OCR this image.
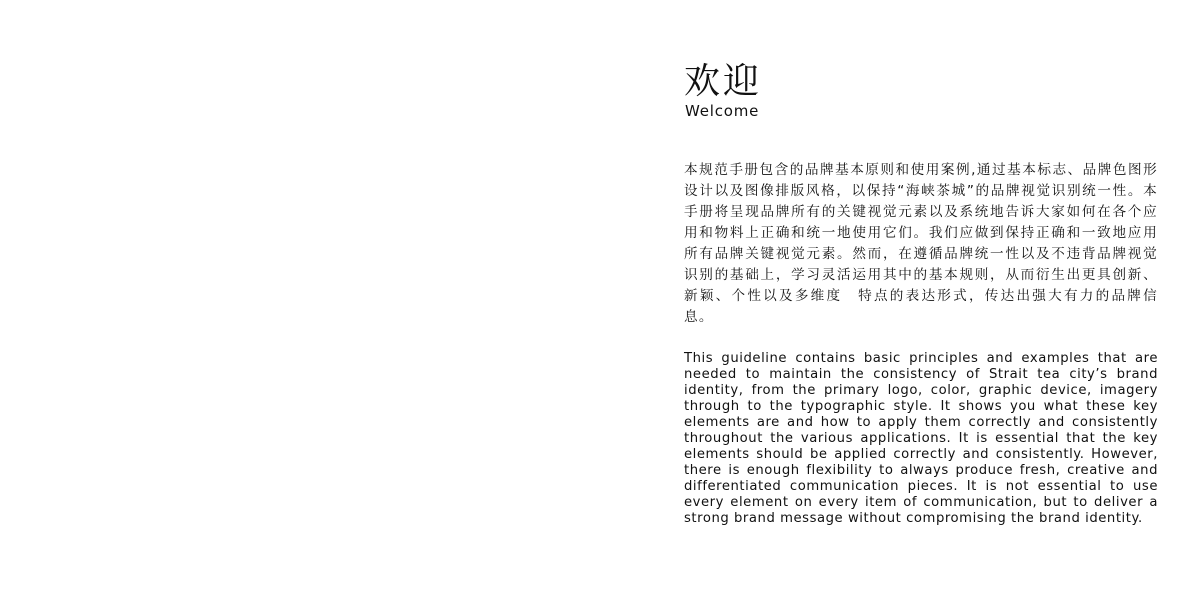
欢迎
Welcome

本规范手册包含的品牌基本原则和使用案例,通过基本标志、品牌色图形设计以及图像排版风格，以保持“海峡茶城”的品牌视觉识别统一性。本手册将呈现品牌所有的关键视觉元素以及系统地告诉大家如何在各个应用和物料上正确和统一地使用它们。我们应做到保持正确和一致地应用所有品牌关键视觉元素。然而，在遵循品牌统一性以及不违背品牌视觉识别的基础上，学习灵活运用其中的基本规则，从而衍生出更具创新、新颖、个性以及多维度　特点的表达形式，传达出强大有力的品牌信息。

This guideline contains basic principles and examples that are needed to maintain the consistency of Strait tea city’s brand identity, from the primary logo, color, graphic device, imagery through to the typographic style. It shows you what these key elements are and how to apply them correctly and consistently throughout the various applications. It is essential that the key elements should be applied correctly and consistently. However, there is enough flexibility to always produce fresh, creative and differentiated communication pieces. It is not essential to use every element on every item of communication, but to deliver a strong brand message without compromising the brand identity.
